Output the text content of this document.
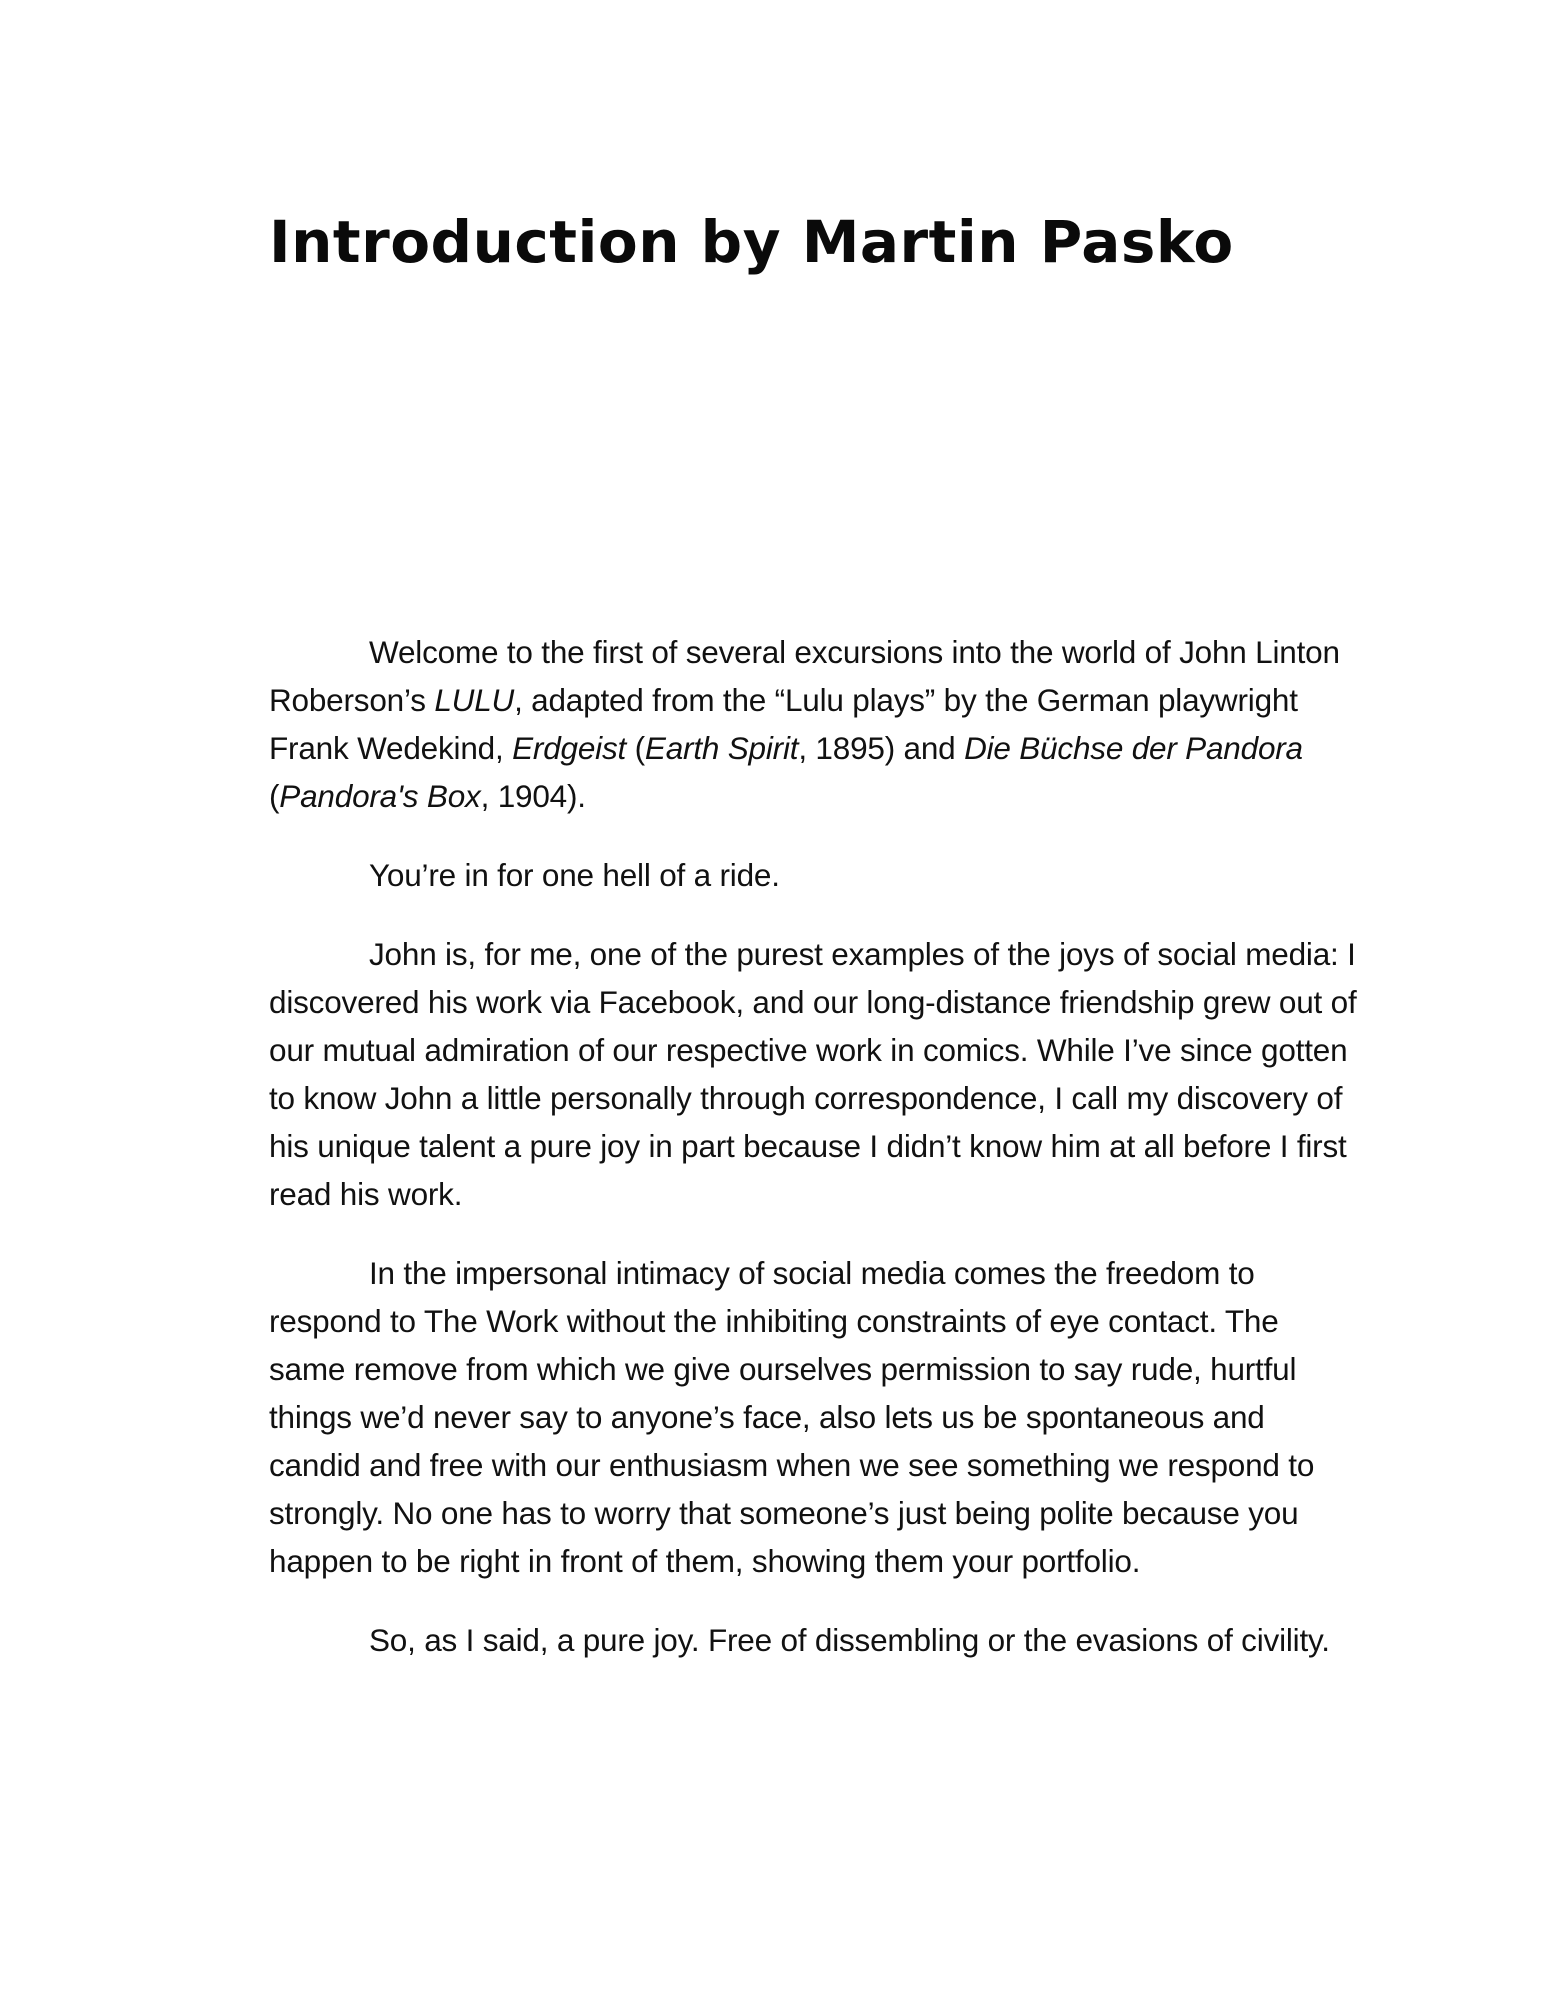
Introduction by Martin Pasko

Welcome to the first of several excursions into the world of John Linton Roberson’s LULU, adapted from the “Lulu plays” by the German playwright Frank Wedekind, Erdgeist (Earth Spirit, 1895) and Die Büchse der Pandora (Pandora's Box, 1904).

You’re in for one hell of a ride.

John is, for me, one of the purest examples of the joys of social media: I discovered his work via Facebook, and our long-distance friendship grew out of our mutual admiration of our respective work in comics. While I’ve since gotten to know John a little personally through correspondence, I call my discovery of his unique talent a pure joy in part because I didn’t know him at all before I first read his work.

In the impersonal intimacy of social media comes the freedom to respond to The Work without the inhibiting constraints of eye contact. The same remove from which we give ourselves permission to say rude, hurtful things we’d never say to anyone’s face, also lets us be spontaneous and candid and free with our enthusiasm when we see something we respond to strongly. No one has to worry that someone’s just being polite because you happen to be right in front of them, showing them your portfolio.

So, as I said, a pure joy. Free of dissembling or the evasions of civility.
